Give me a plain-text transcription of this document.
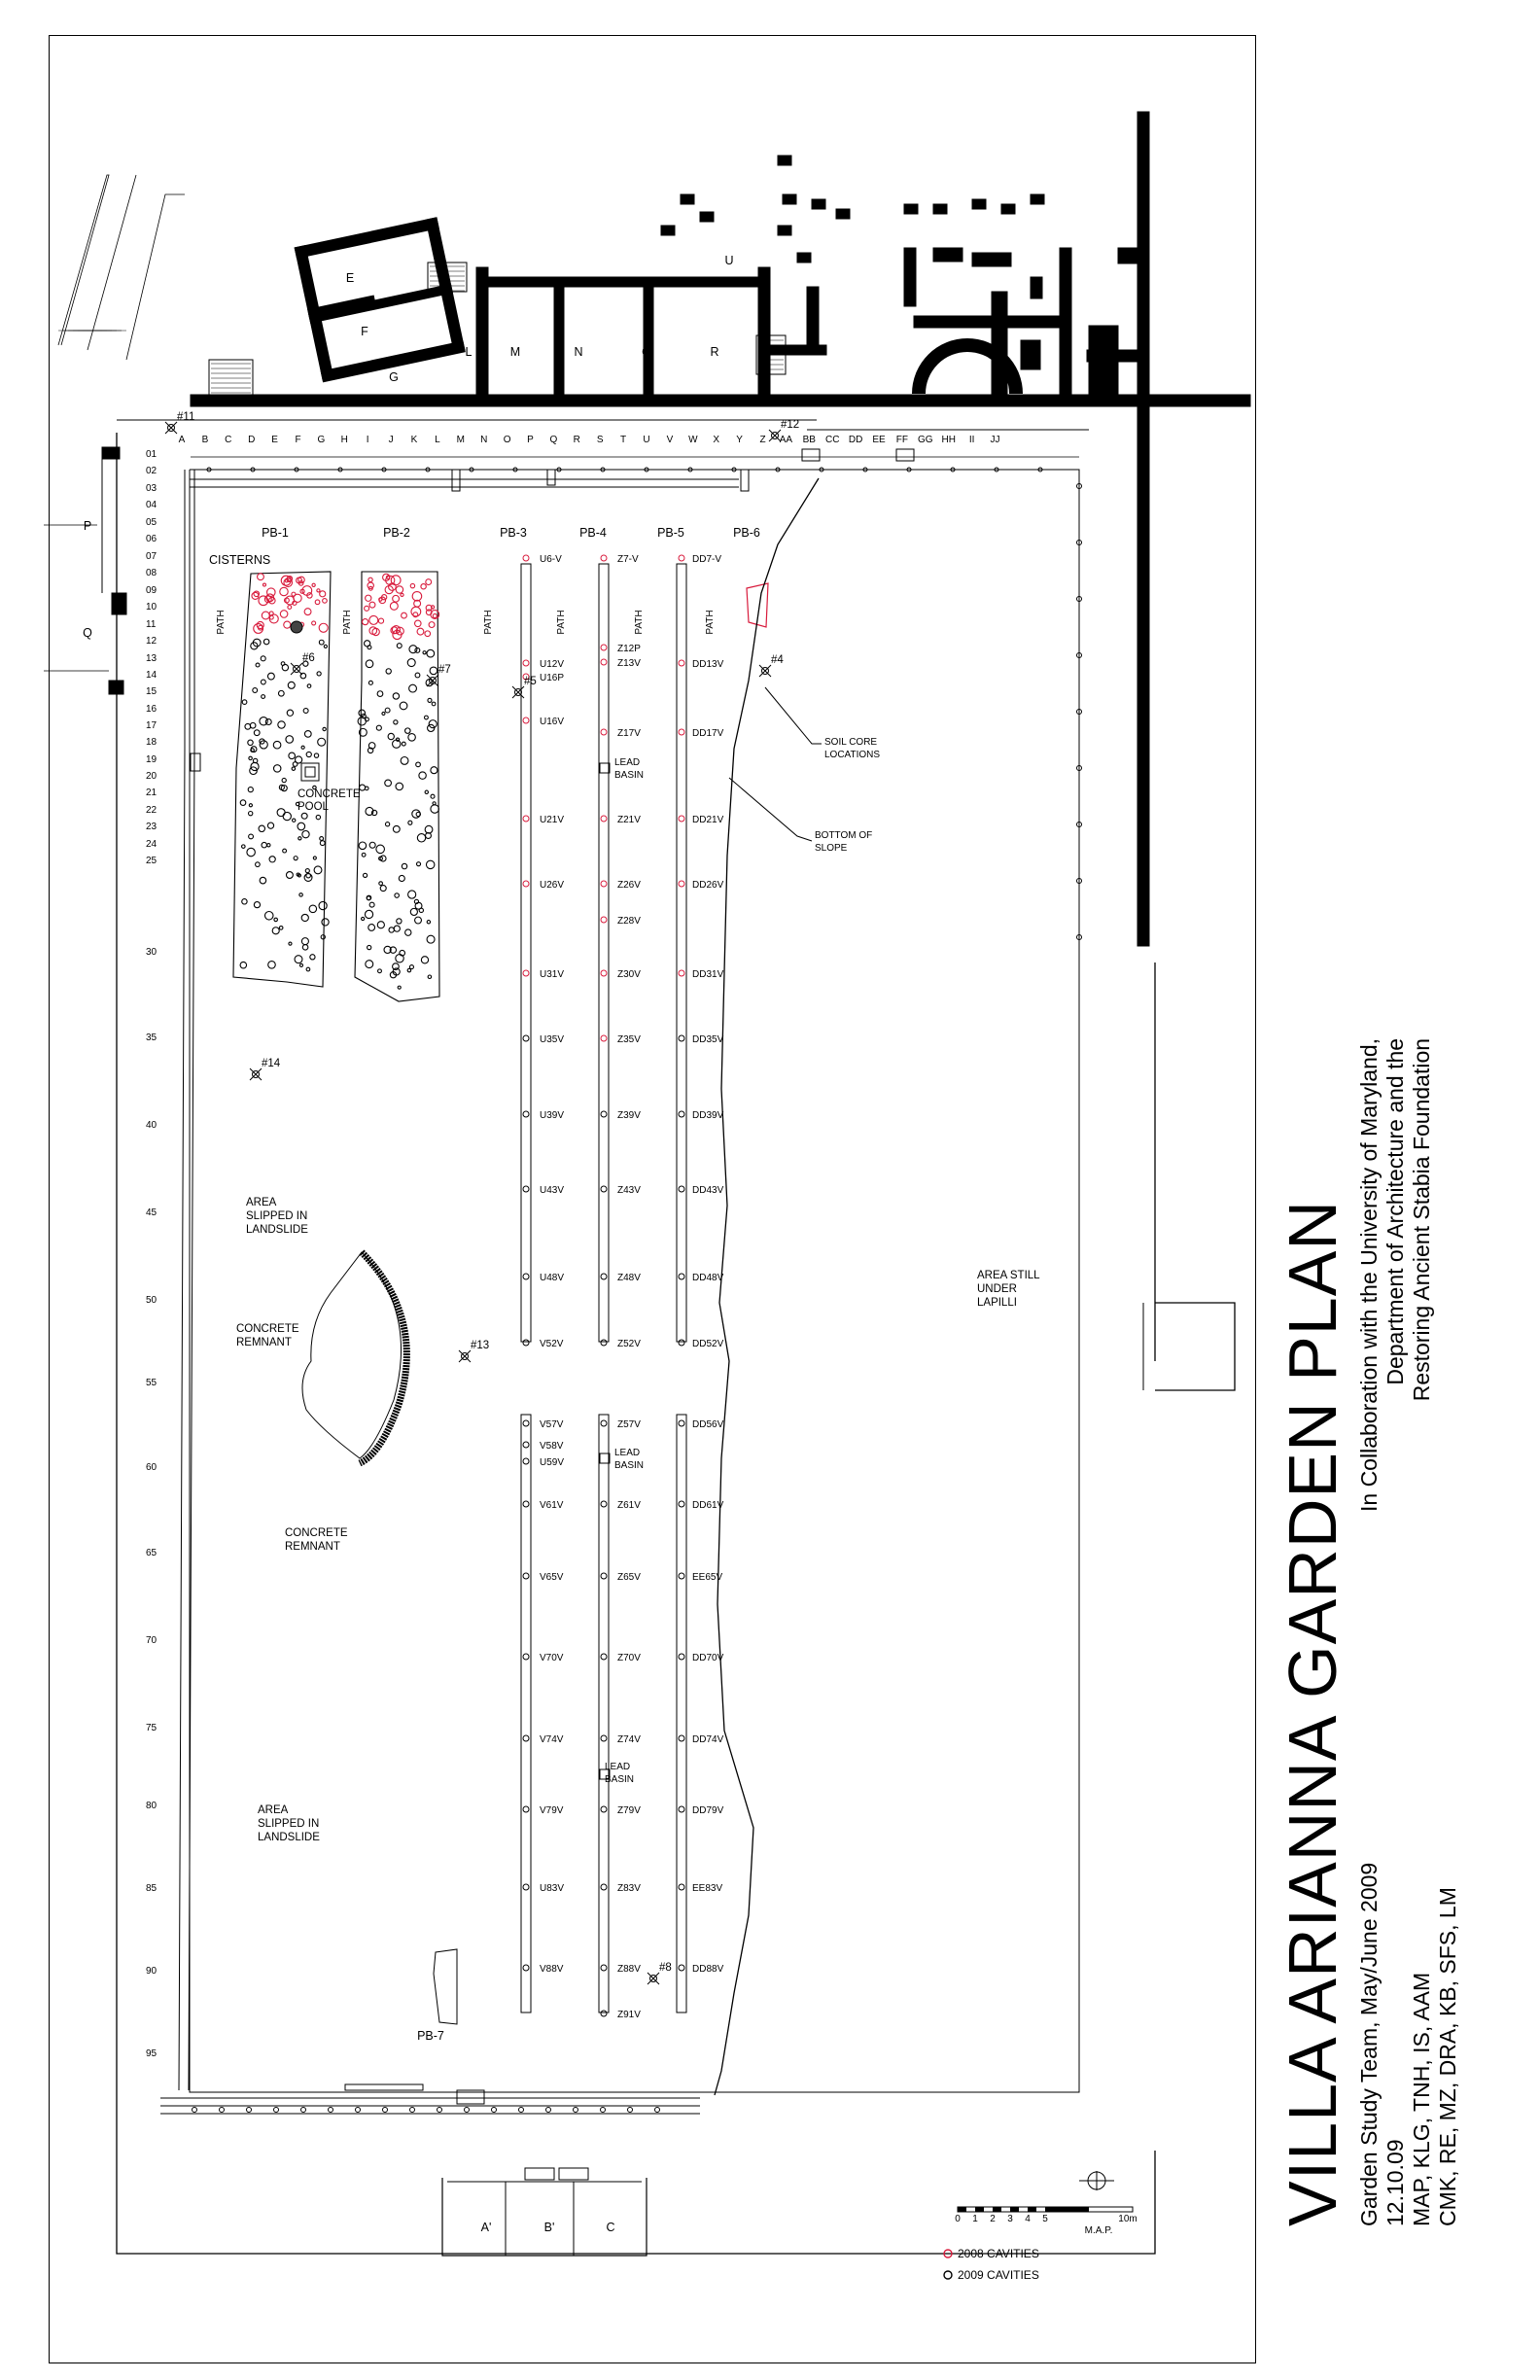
A B C D E F G H I J K L M N O P Q R S T U V W X Y Z AA BB CC DD EE FF GG HH II JJ
01
02
03
04
05
06
07
08
09
10
11
12
13
14
15
16
17
18
19
20
21
22
23
24
25
30
35
40
45
50
55
60
65
70
75
80
85
90
95
E
F
G
L	M	N	O	R
S
U
P
Q
A'	B'	C
PB-1	PB-2	PB-3	PB-4	PB-5	PB-6
PB-7
PATH	PATH	PATH	PATH	PATH	PATH
U6-V
U12V
U16P
U16V
U21V
U26V
U31V
U35V
U39V
U43V
U48V
V52V
V57V
V58V
U59V
V61V
V65V
V70V
V74V
V79V
U83V
V88V
Z7-V
Z12P
Z13V
Z17V
Z21V
Z26V
Z28V
Z30V
Z35V
Z39V
Z43V
Z48V
Z52V
Z57V
Z61V
Z65V
Z70V
Z74V
Z79V
Z83V
Z88V
Z91V
DD7-V
DD13V
DD17V
DD21V
DD26V
DD31V
DD35V
DD39V
DD43V
DD48V
DD52V
DD56V
DD61V
EE65V
DD70V
DD74V
DD79V
EE83V
DD88V
#4
#5
#6
#7
#8
#11
#12
#13
#14
CISTERNS
CONCRETE
POOL
LEAD
BASIN
LEAD
BASIN
LEAD
BASIN
SOIL CORE
LOCATIONS
BOTTOM OF
SLOPE
AREA
SLIPPED IN
LANDSLIDE
CONCRETE
REMNANT
CONCRETE
REMNANT
AREA
SLIPPED IN
LANDSLIDE
AREA STILL
UNDER
LAPILLI
0 1 2 3 4 5	10m
M.A.P.
2008 CAVITIES
2009 CAVITIES
VILLA ARIANNA GARDEN PLAN Garden Study Team, May/June 2009 12.10.09 MAP, KLG, TNH, IS, AAM CMK, RE, MZ, DRA, KB, SFS, LM
In Collaboration with the University of Maryland, Department of Architecture and the Restoring Ancient Stabia Foundation
